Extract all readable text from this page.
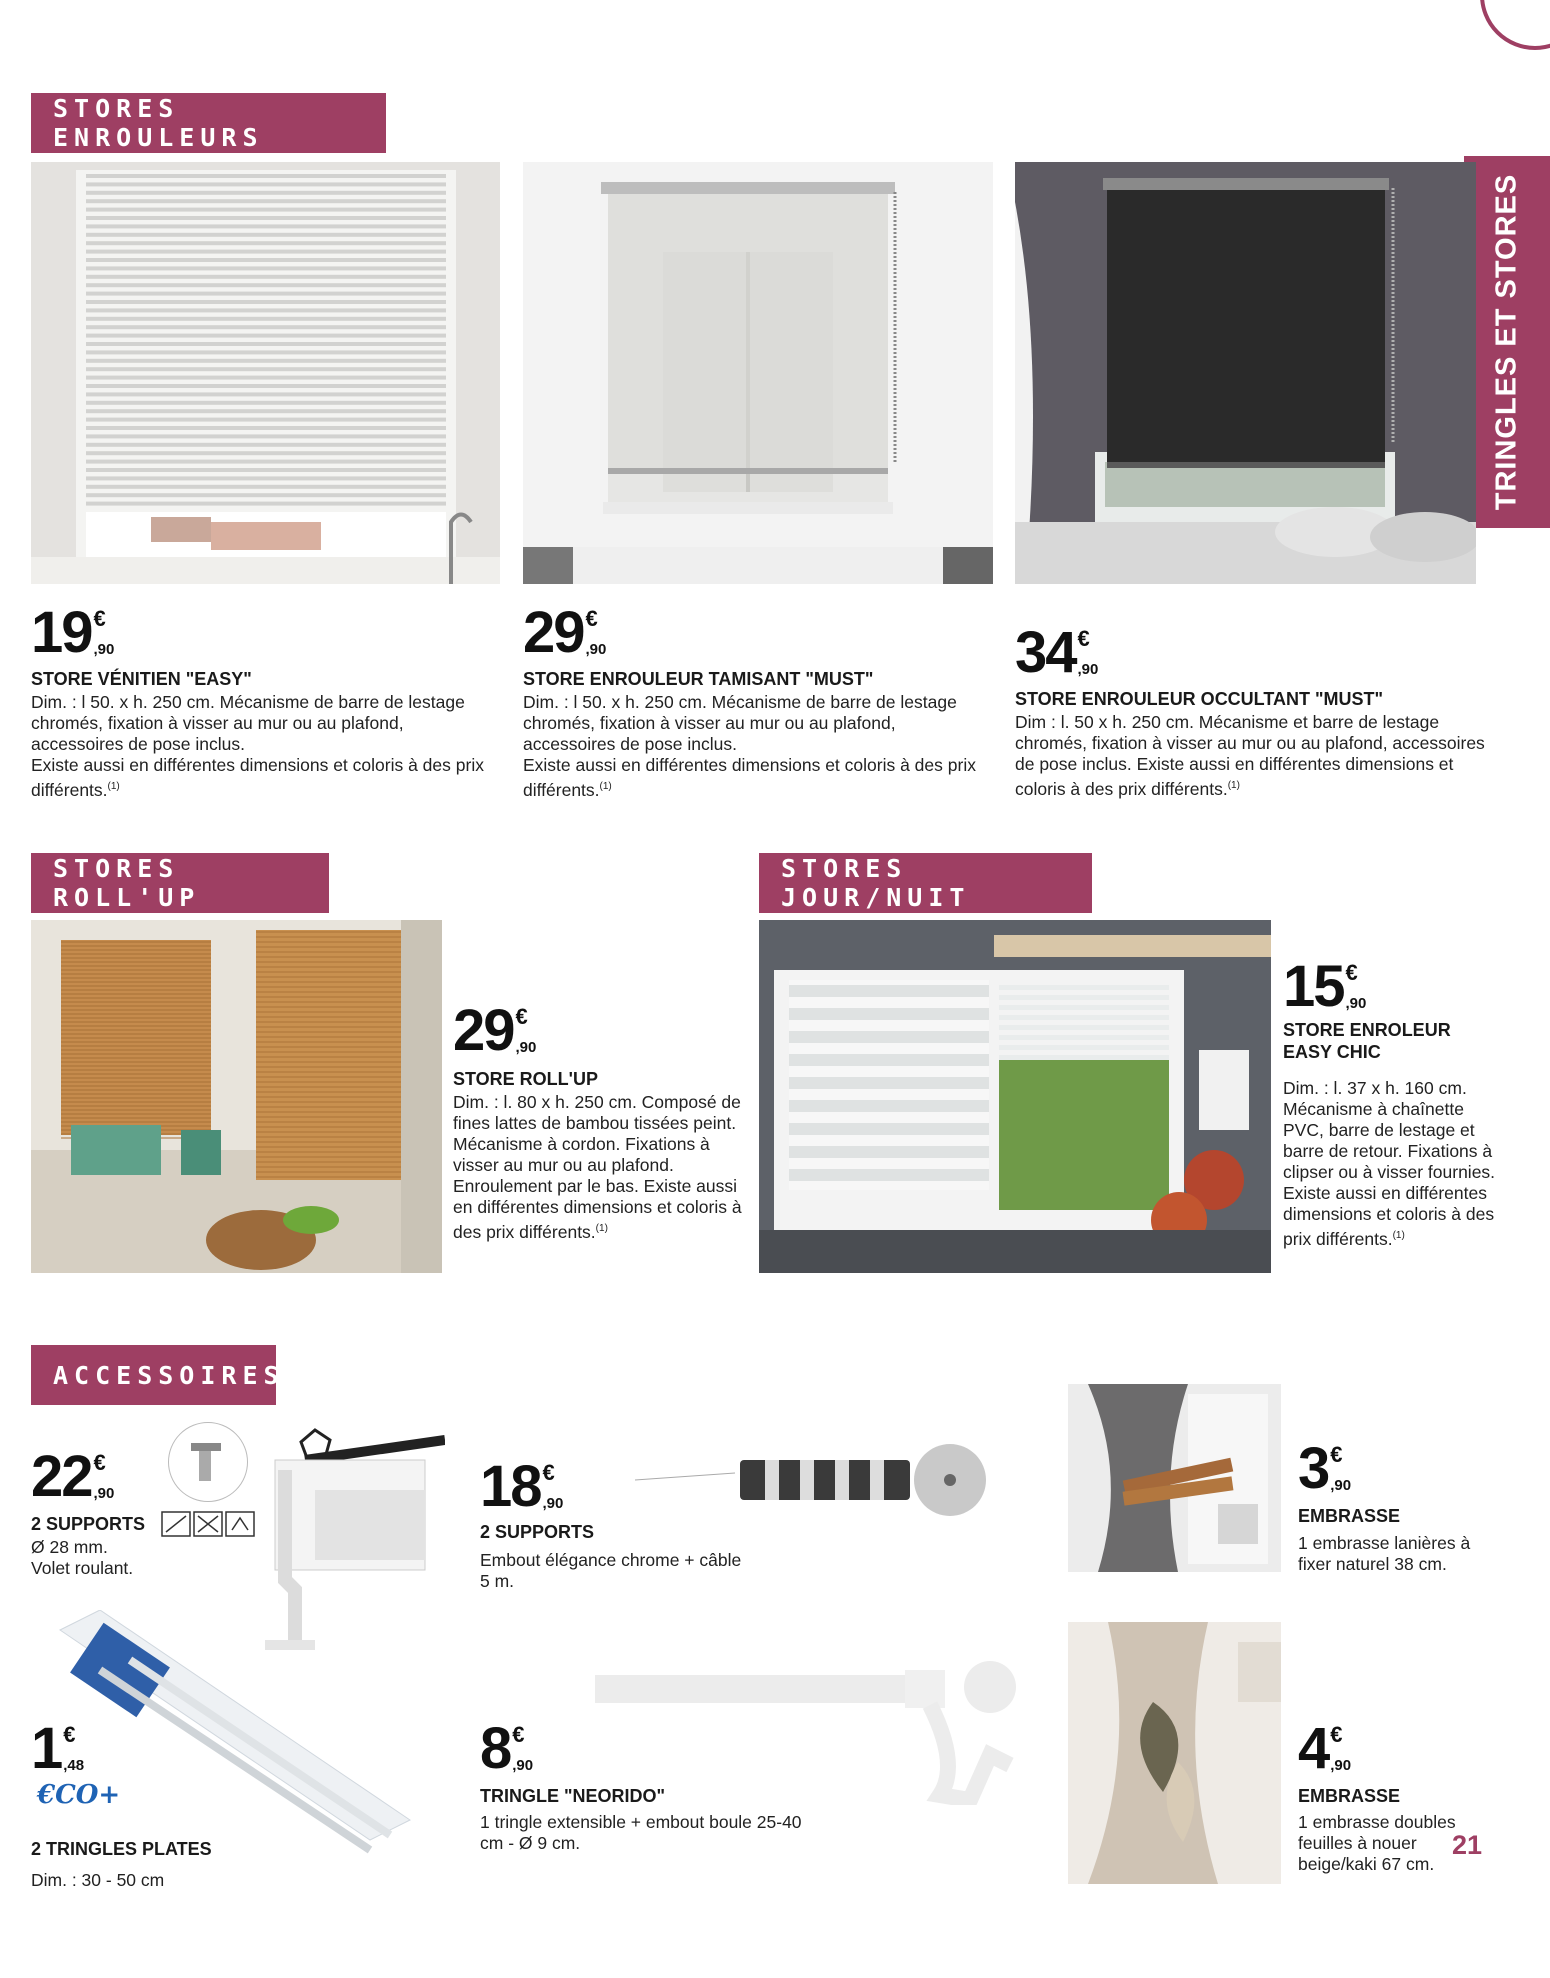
TRINGLES ET STORES
STORES ENROULEURS
19 €
,90
STORE VÉNITIEN "EASY"
Dim. : l 50. x h. 250 cm. Mécanisme de barre de lestage chromés, fixation à visser au mur ou au plafond, accessoires de pose inclus.
Existe aussi en différentes dimensions et coloris à des prix différents.$^{(1)}$
29 €
,90
STORE ENROULEUR TAMISANT "MUST"
Dim. : l 50. x h. 250 cm. Mécanisme de barre de lestage chromés, fixation à visser au mur ou au plafond, accessoires de pose inclus.
Existe aussi en différentes dimensions et coloris à des prix différents.$^{(1)}$
34 €
,90
STORE ENROULEUR OCCULTANT "MUST"
Dim : l. 50 x h. 250 cm. Mécanisme et barre de lestage chromés, fixation à visser au mur ou au plafond, accessoires de pose inclus. Existe aussi en différentes dimensions et coloris à des prix différents.$^{(1)}$
STORES ROLL'UP
29 €
,90
STORE ROLL'UP
Dim. : l. 80 x h. 250 cm. Composé de fines lattes de bambou tissées peint. Mécanisme à cordon. Fixations à visser au mur ou au plafond. Enroulement par le bas. Existe aussi en différentes dimensions et coloris à des prix différents.$^{(1)}$
STORES JOUR/NUIT
15 €
,90
STORE ENROLEUR EASY CHIC
Dim. : l. 37 x h. 160 cm. Mécanisme à chaînette PVC, barre de lestage et barre de retour. Fixations à clipser ou à visser fournies. Existe aussi en différentes dimensions et coloris à des prix différents.$^{(1)}$
ACCESSOIRES
22 €
,90
2 SUPPORTS
Ø 28 mm.
Volet roulant.
18 €
,90
2 SUPPORTS
Embout élégance chrome + câble 5 m.
3 €
,90
EMBRASSE
1 embrasse lanières à fixer naturel 38 cm.
1 €
,48
€CO+
2 TRINGLES PLATES
Dim. : 30 - 50 cm
8 €
,90
TRINGLE "NEORIDO"
1 tringle extensible + embout boule 25-40 cm - Ø 9 cm.
4 €
,90
EMBRASSE
1 embrasse doubles feuilles à nouer beige/kaki 67 cm.
21
